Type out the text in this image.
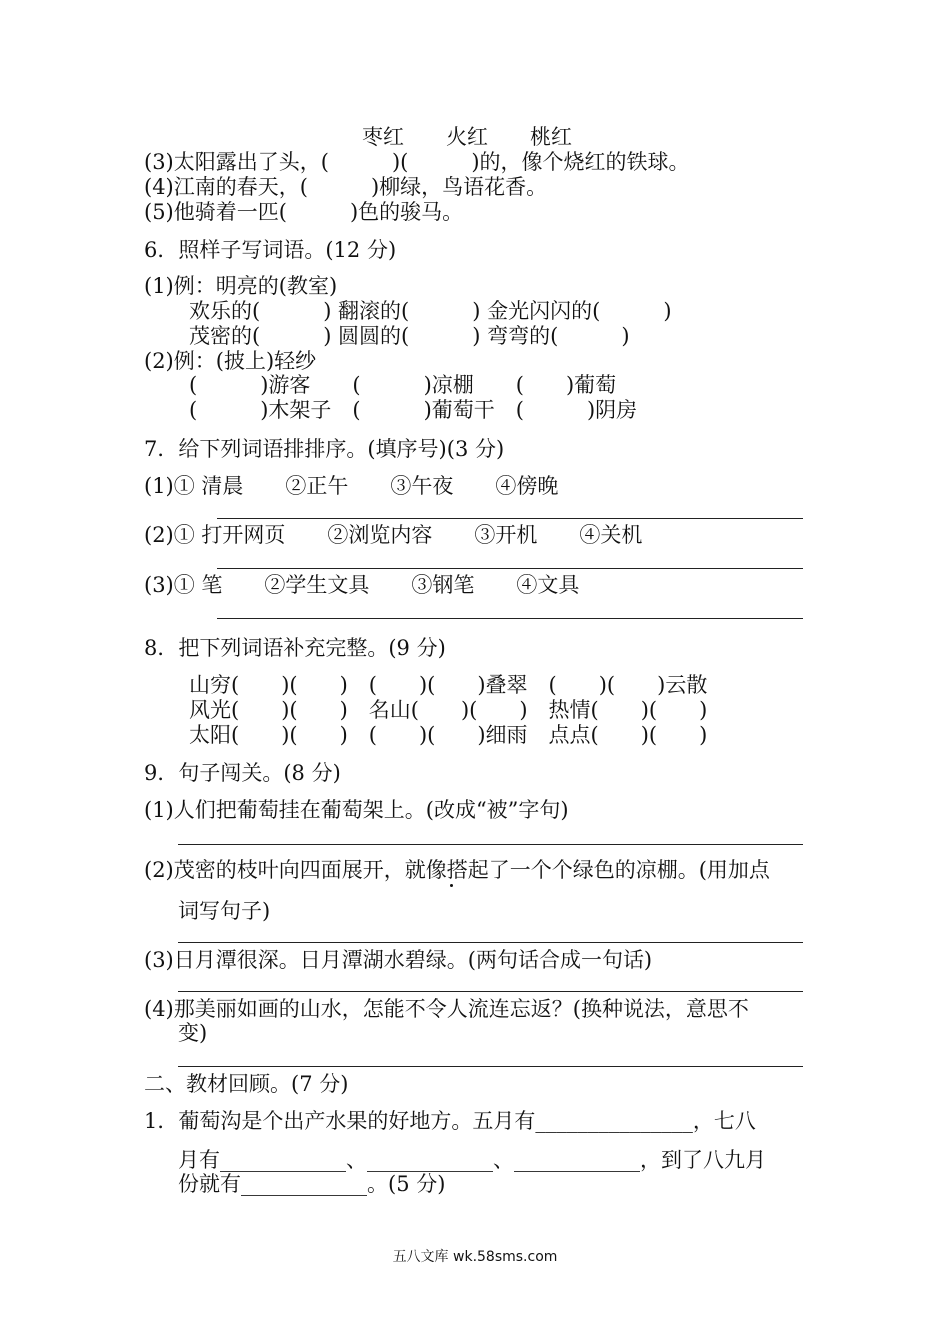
枣红　　火红　　桃红
(3)太阳露出了头，(　　　)(　　　)的，像个烧红的铁球。
(4)江南的春天，(　　　)柳绿，鸟语花香。
(5)他骑着一匹(　　　)色的骏马。
6．照样子写词语。(12 分)
(1)例：明亮的(教室)
欢乐的(　　　) 翻滚的(　　　) 金光闪闪的(　　　)
茂密的(　　　) 圆圆的(　　　) 弯弯的(　　　)
(2)例：(披上)轻纱
(　　　)游客　　(　　　)凉棚　　(　　)葡萄
(　　　)木架子　(　　　)葡萄干　(　　　)阴房
7．给下列词语排排序。(填序号)(3 分)
(1)① 清晨　　②正午　　③午夜　　④傍晚
(2)① 打开网页　　②浏览内容　　③开机　　④关机
(3)① 笔　　②学生文具　　③钢笔　　④文具
8．把下列词语补充完整。(9 分)
山穷(　　)(　　)　(　　)(　　)叠翠　(　　)(　　)云散
风光(　　)(　　)　名山(　　)(　　)　热情(　　)(　　)
太阳(　　)(　　)　(　　)(　　)细雨　点点(　　)(　　)
9．句子闯关。(8 分)
(1)人们把葡萄挂在葡萄架上。(改成“被”字句)
(2)茂密的枝叶向四面展开，就像搭起了一个个绿色的凉棚。(用加点
词写句子)
(3)日月潭很深。日月潭湖水碧绿。(两句话合成一句话)
(4)那美丽如画的山水，怎能不令人流连忘返？(换种说法，意思不
变)
二、教材回顾。(7 分)
1．葡萄沟是个出产水果的好地方。五月有_______________，七八
月有____________、____________、____________，到了八九月
份就有____________。(5 分)
五八文库 wk.58sms.com
